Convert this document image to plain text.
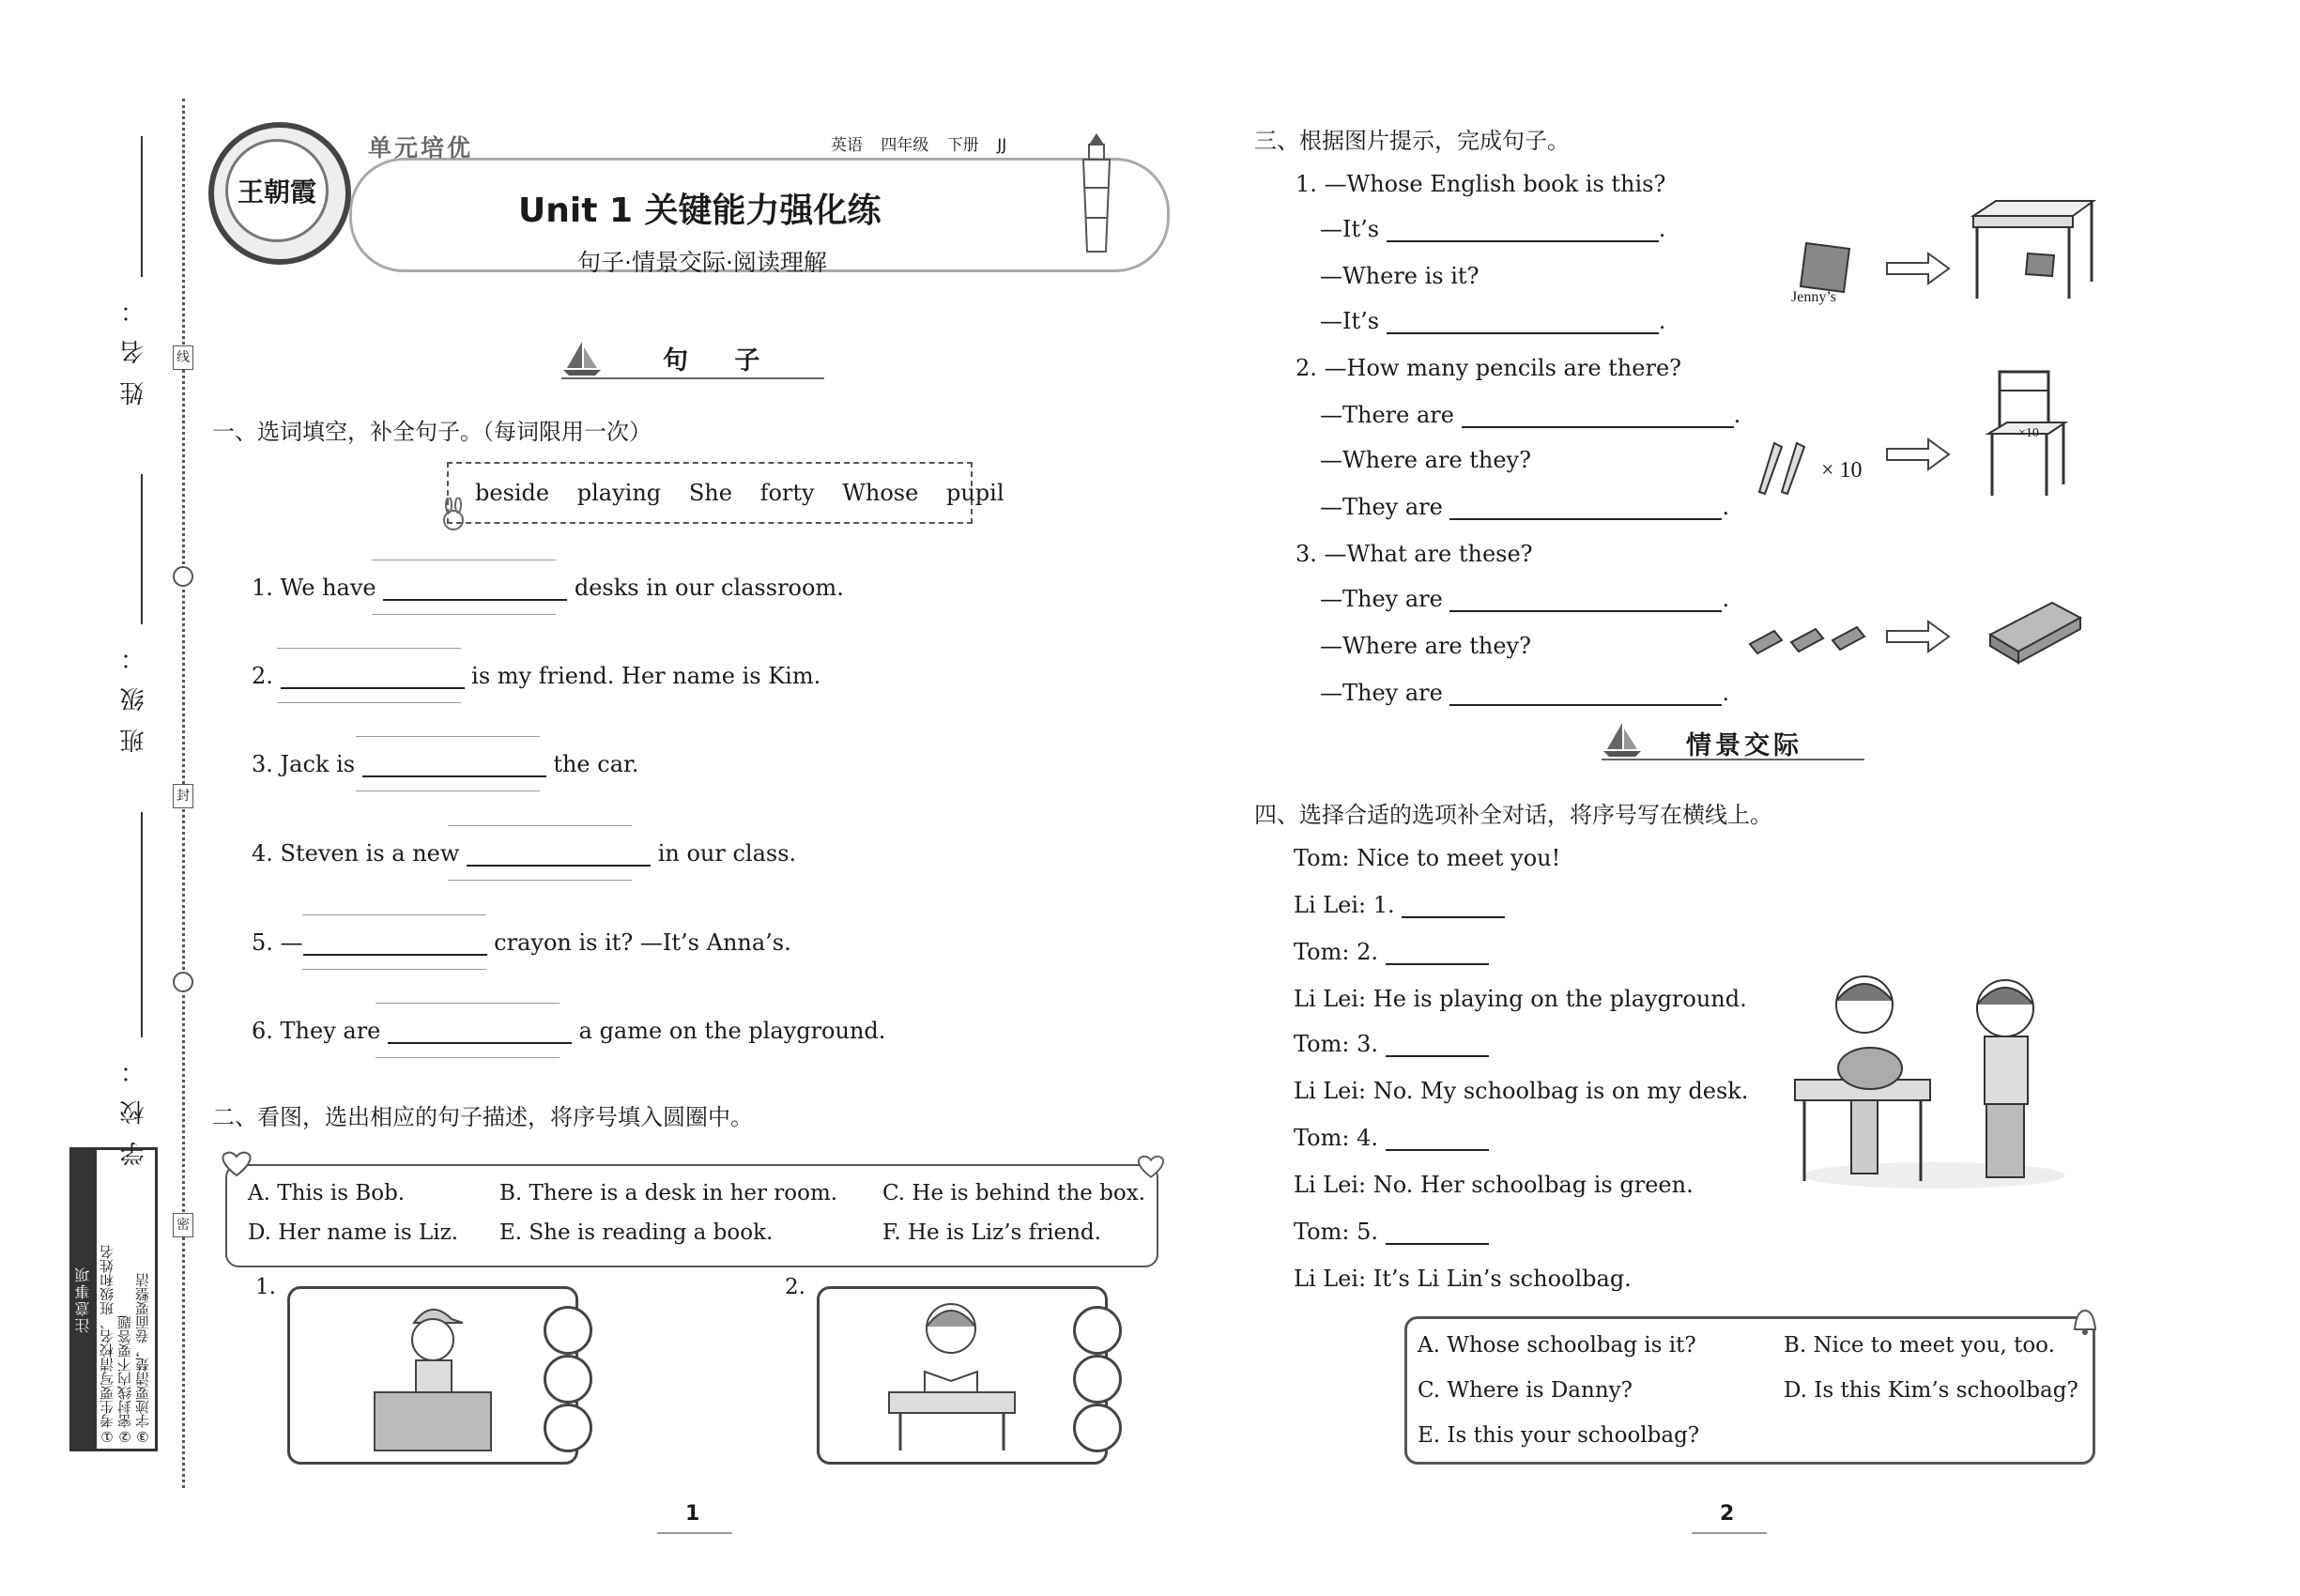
姓名：
班级：
学校：
线
封
密
注意事项 ①考生要写清校名、班级和姓名
②密封线内不要答题
③字迹要清楚，卷面要整洁
王朝霞
单元培优	英语 四年级 下册 JJ
Unit 1 关键能力强化练
句子·情景交际·阅读理解
句 子
一、选词填空，补全句子。（每词限用一次）
beside
playing
She
forty
Whose
pupil
1. We have	desks in our classroom.
2.	is my friend. Her name is Kim.
3. Jack is	the car.
4. Steven is a new	in our class.
5. —	crayon is it? —It’s Anna’s.
6. They are	a game on the playground.
二、看图，选出相应的句子描述，将序号填入圆圈中。
A. This is Bob.	B. There is a desk in her room. C. He is behind the box.
D. Her name is Liz. E. She is reading a book.	F. He is Liz’s friend.
1.	2.
1
三、根据图片提示，完成句子。
1. —Whose English book is this?
—It’s	.
—Where is it?
—It’s	.
Jenny’s
2. —How many pencils are there?
—There are	.
—Where are they?
—They are	.
× 10
×10
3. —What are these?
—They are	.
—Where are they?
—They are	.
情景交际
四、选择合适的选项补全对话，将序号写在横线上。
Tom: Nice to meet you!
Li Lei: 1.
Tom: 2.
Li Lei: He is playing on the playground.
Tom: 3.
Li Lei: No. My schoolbag is on my desk.
Tom: 4.
Li Lei: No. Her schoolbag is green.
Tom: 5.
Li Lei: It’s Li Lin’s schoolbag.
A. Whose schoolbag is it?	B. Nice to meet you, too.
C. Where is Danny?	D. Is this Kim’s schoolbag?
E. Is this your schoolbag?
2
